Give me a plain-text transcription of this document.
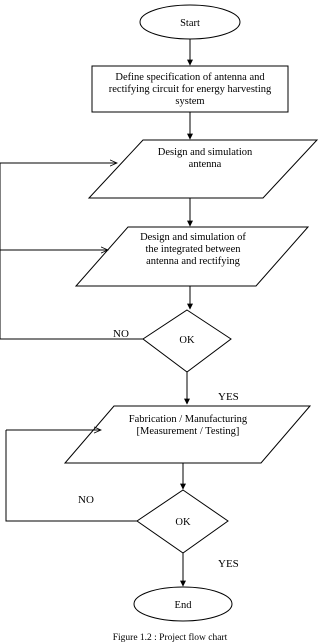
Start
Define specification of antenna and rectifying circuit for energy harvesting system
Design and simulation antenna
Design and simulation of the integrated between antenna and rectifying
OK
NO
YES
Fabrication / Manufacturing [Measurement / Testing]
OK
NO
YES
End
Figure 1.2 : Project flow chart
